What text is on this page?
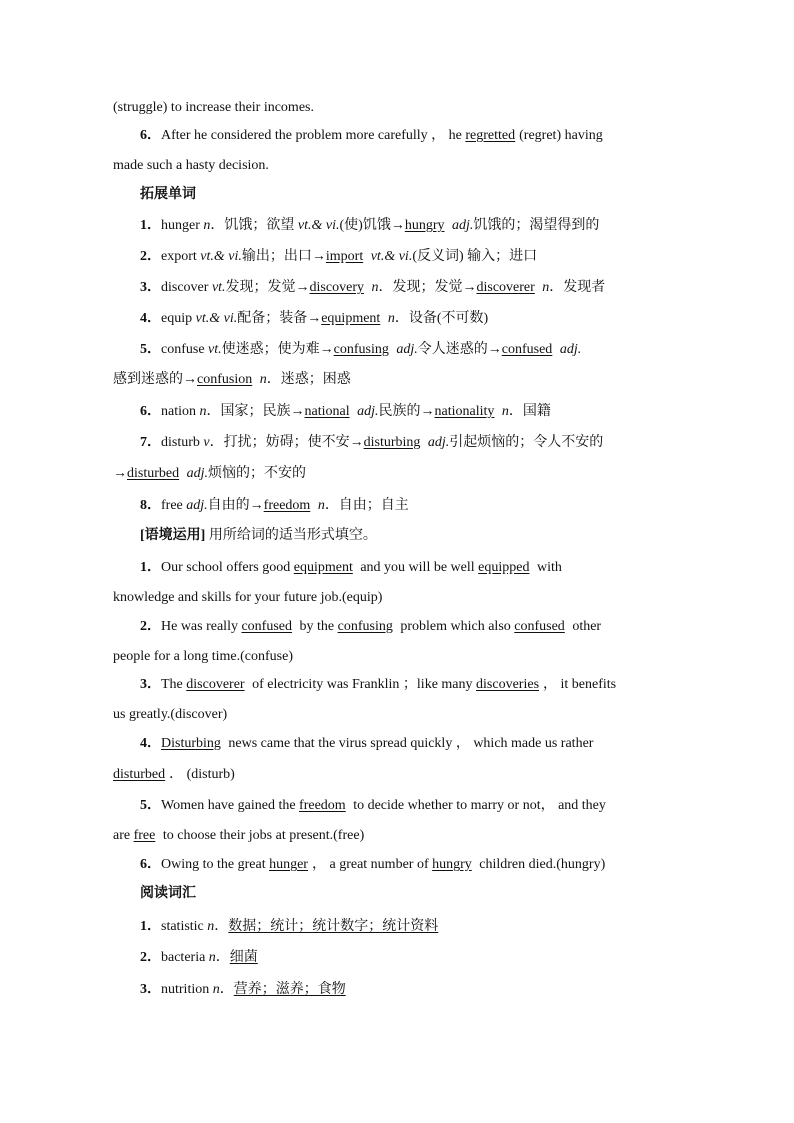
(struggle) to increase their incomes.
6．After he considered the problem more carefully ， he regretted (regret) having
made such a hasty decision.
拓展单词
1．hunger n．饥饿；欲望 vt.& vi.(使)饥饿→hungry adj.饥饿的；渴望得到的
2．export vt.& vi.输出；出口→import vt.& vi.(反义词) 输入；进口
3．discover vt.发现；发觉→discovery n．发现；发觉→discoverer n．发现者
4．equip vt.& vi.配备；装备→equipment n．设备(不可数)
5．confuse vt.使迷惑；使为难→confusing adj.令人迷惑的→confused adj.
感到迷惑的→confusion n．迷惑；困惑
6．nation n．国家；民族→national adj.民族的→nationality n．国籍
7．disturb v．打扰；妨碍；使不安→disturbing adj.引起烦恼的；令人不安的
→disturbed adj.烦恼的；不安的
8．free adj.自由的→freedom n．自由；自主
[语境运用] 用所给词的适当形式填空。
1．Our school offers good equipment and you will be well equipped with
knowledge and skills for your future job.(equip)
2．He was really confused by the confusing problem which also confused other
people for a long time.(confuse)
3．The discoverer of electricity was Franklin ；like many discoveries ， it benefits
us greatly.(discover)
4．Disturbing news came that the virus spread quickly ， which made us rather
disturbed ． (disturb)
5．Women have gained the freedom to decide whether to marry or not， and they
are free to choose their jobs at present.(free)
6．Owing to the great hunger ， a great number of hungry children died.(hungry)
阅读词汇
1．statistic n．数据；统计；统计数字；统计资料
2．bacteria n．细菌
3．nutrition n．营养；滋养；食物
